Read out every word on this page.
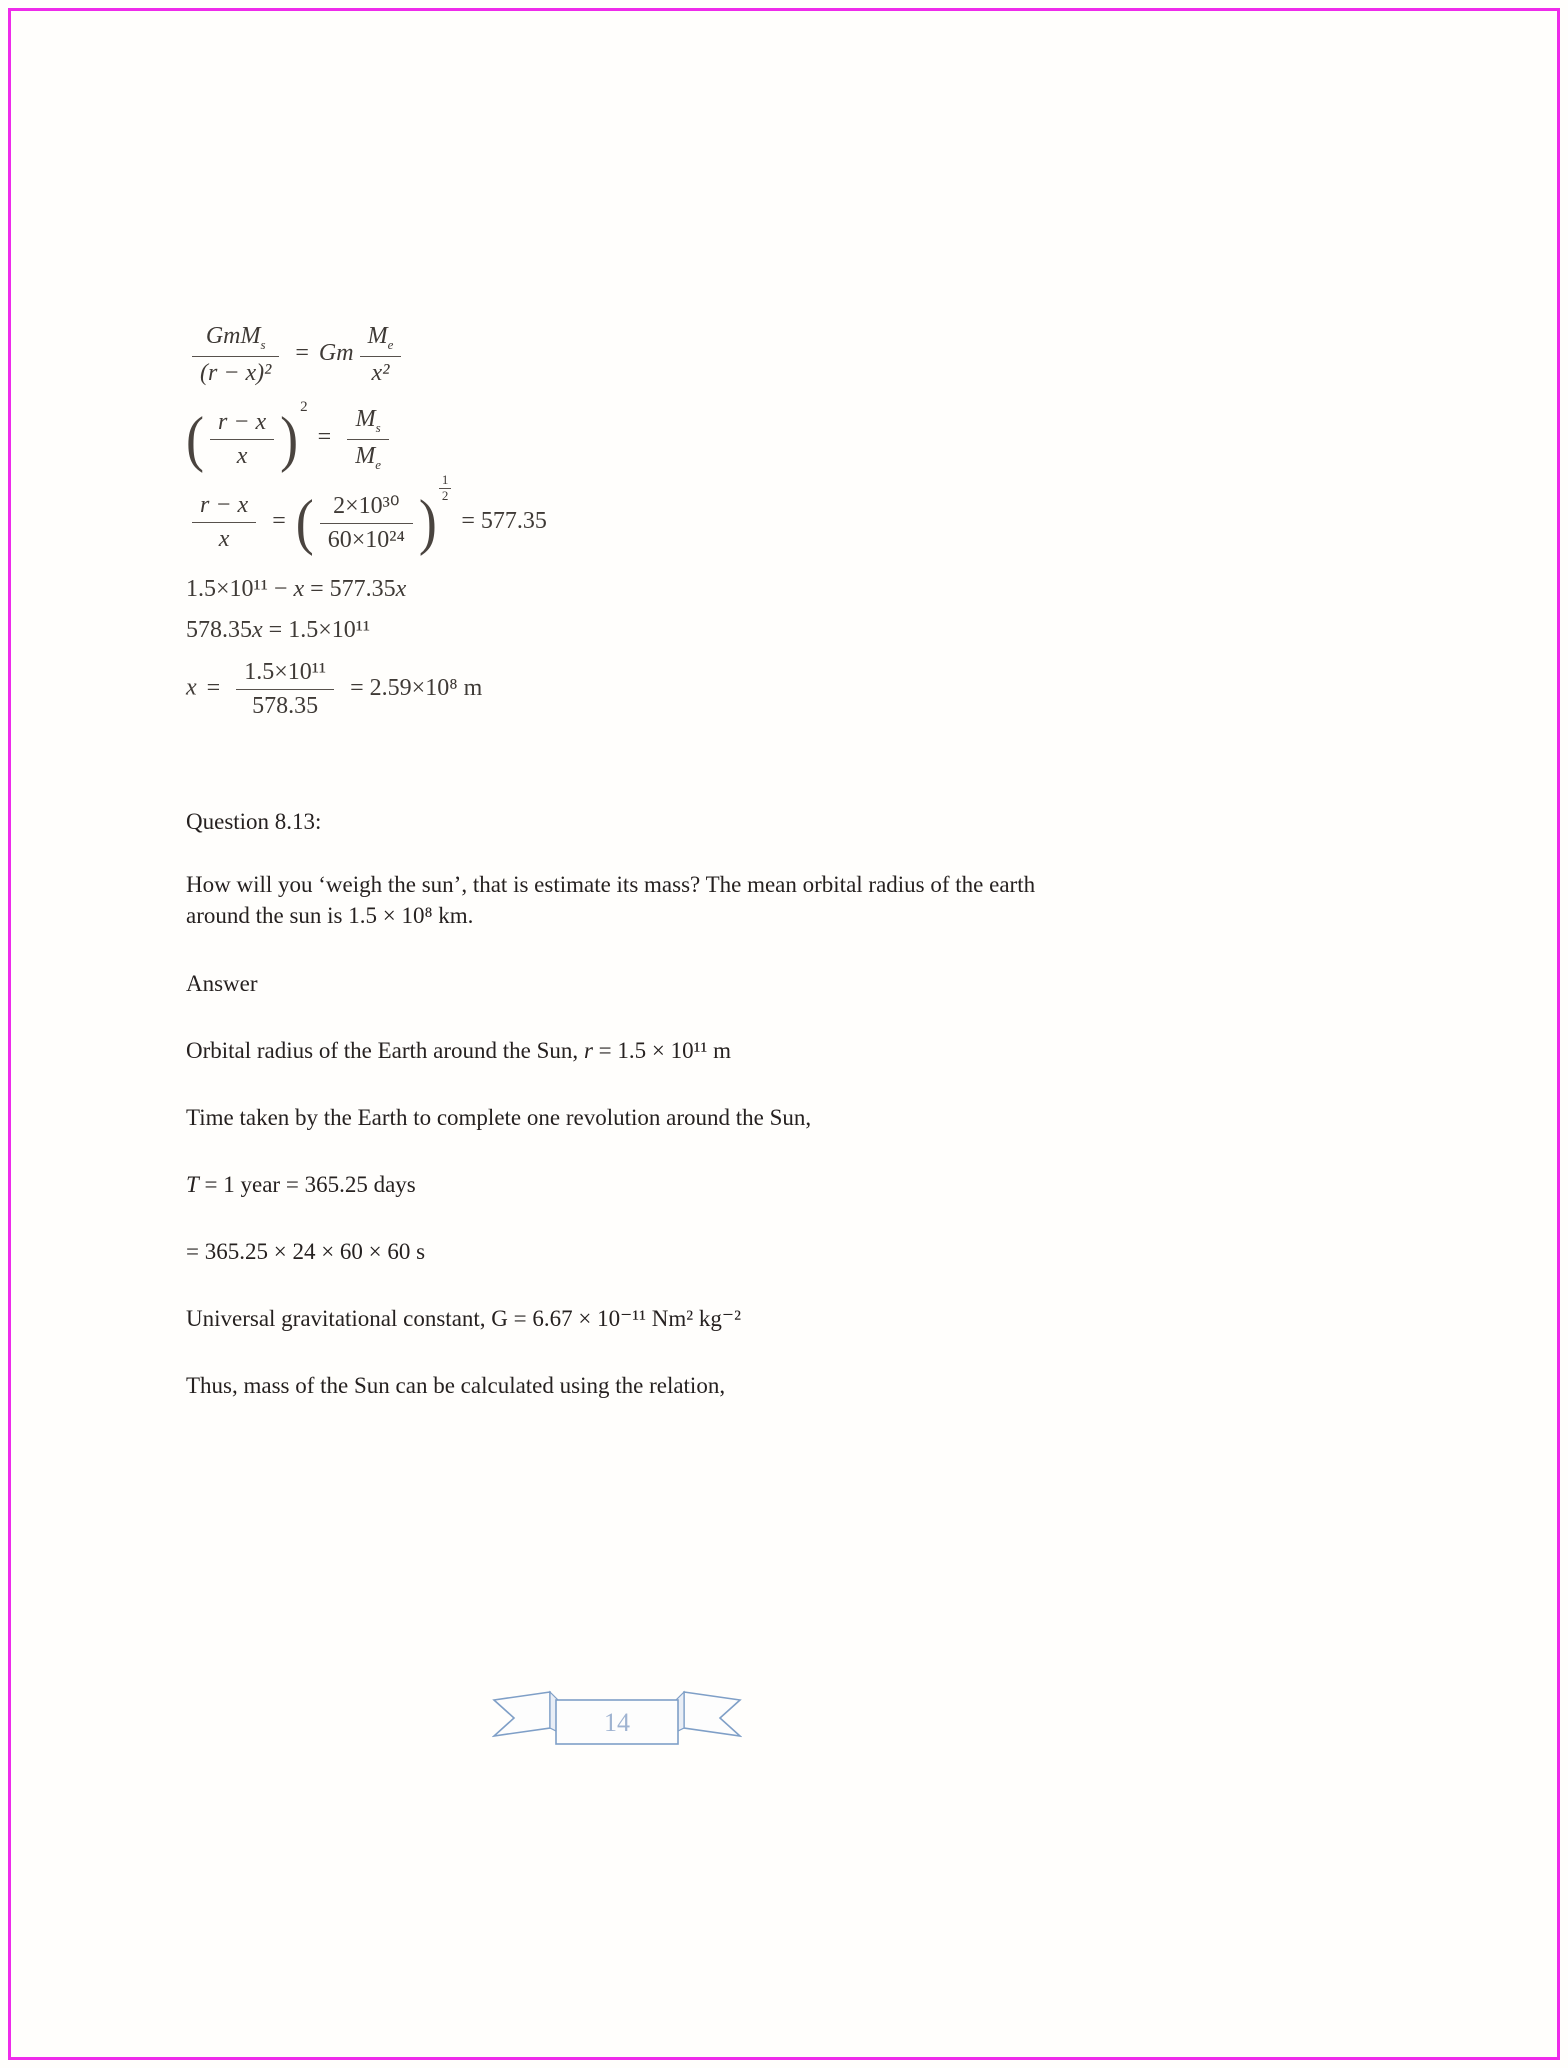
$\frac{GmM_s}{\text{(r − x)²}} = Gm \frac{M_e}{\text{x²}}$
( $\frac{r - x}{x}$ ) $^2= \frac{M_s}{M_e}$
$\frac{r - x}{x}$ = ( $\frac{\text{2×10³⁰}}{\text{60×10²⁴}}$ ) $\frac{1}{2}$
= 577.35
1.5×10¹¹ − x = 577.35x
578.35x = 1.5×10¹¹
$x = \frac{\text{1.5×10¹¹}}{578.35} = 2.59\times 10^8$ m
Question 8.13:
How will you ‘weigh the sun’, that is estimate its mass? The mean orbital radius of the earth around the sun is 1.5 × 10⁸ km.
Answer
Orbital radius of the Earth around the Sun, r = 1.5 × 10¹¹ m
Time taken by the Earth to complete one revolution around the Sun,
T = 1 year = 365.25 days
= 365.25 × 24 × 60 × 60 s
Universal gravitational constant, G = 6.67 × 10⁻¹¹ Nm² kg⁻²
Thus, mass of the Sun can be calculated using the relation,
14
